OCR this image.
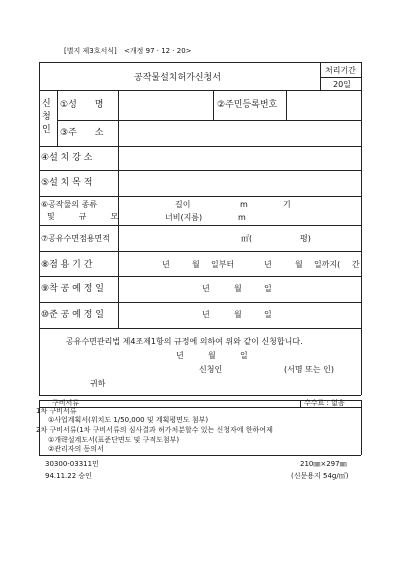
[별지 제3호서식] <개정 97 · 12 · 20>
공작물설치허가신청서
처리기간
20일
신청인
①성　　명	②주민등록번호
③주　　소
④설 치 강 소
⑤설 치 목 적
⑥공작물의 종류
및　　　규　　　모
길이	m	기
너비(지름)	m
⑦공유수면점용면적	㎡(	평)
⑧점 용 기 간	년	월 일부터	년	월 일까지( 간
⑨착 공 예 정 일	년	월	일
⑩준 공 예 정 일	년	월	일
공유수면관리법 제4조제1항의 규정에 의하여 위와 같이 신청합니다.
년	월	일
신청인	(서명 또는 인)
귀하
구비서류	수수료 : 없음
1차 구비서류
①사업계획서(위치도 1/50,000 및 계획평면도 첨부)
2차 구비서류(1차 구비서류의 심사결과 허가처분할수 있는 신청자에 한하여제
①개략설계도서(표준단면도 및 구적도첨부)
②관리자의 동의서
30300-03311민
94.11.22 승인
210㎜×297㎜
(신문용지 54g/㎡)
